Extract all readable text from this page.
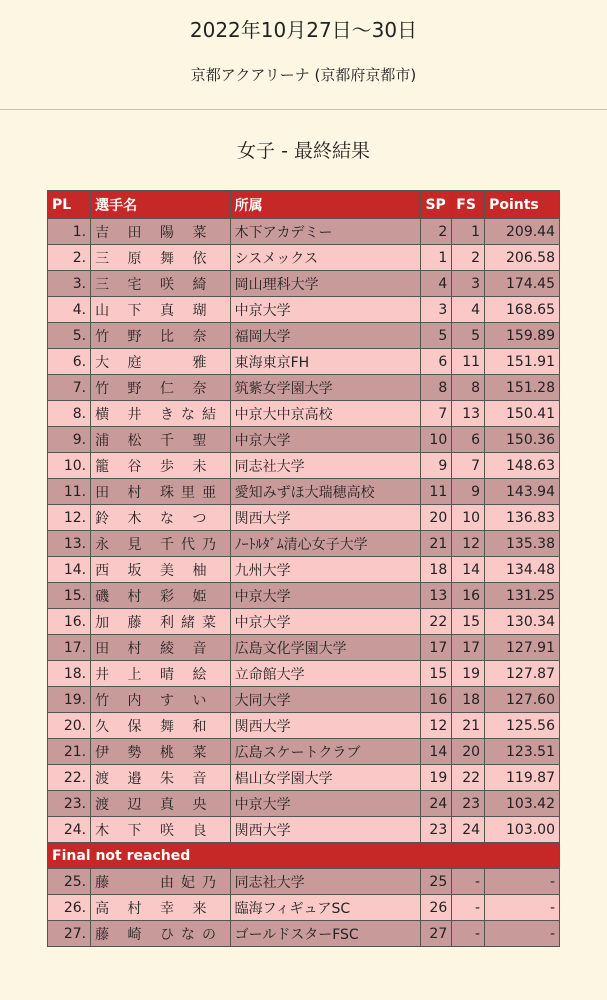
2022年10月27日〜30日
京都アクアリーナ (京都府京都市)
女子 - 最終結果
PL	選手名	所属	SP	FS	Points
1.	吉 田 陽 菜	木下アカデミー	2	1	209.44
2.	三 原 舞 依	シスメックス	1	2	206.58
3.	三 宅 咲 綺	岡山理科大学	4	3	174.45
4.	山 下 真 瑚	中京大学	3	4	168.65
5.	竹 野 比 奈	福岡大学	5	5	159.89
6.	大 庭 　 雅	東海東京FH	6	11	151.91
7.	竹 野 仁 奈	筑紫女学園大学	8	8	151.28
8.	横 井 きな結	中京大中京高校	7	13	150.41
9.	浦 松 千 聖	中京大学	10	6	150.36
10.	籠 谷 歩 未	同志社大学	9	7	148.63
11.	田 村 珠里亜	愛知みずほ大瑞穂高校	11	9	143.94
12.	鈴 木 な つ	関西大学	20	10	136.83
13.	永 見 千代乃	ﾉｰﾄﾙﾀﾞﾑ清心女子大学	21	12	135.38
14.	西 坂 美 柚	九州大学	18	14	134.48
15.	磯 村 彩 姫	中京大学	13	16	131.25
16.	加 藤 利緒菜	中京大学	22	15	130.34
17.	田 村 綾 音	広島文化学園大学	17	17	127.91
18.	井 上 晴 絵	立命館大学	15	19	127.87
19.	竹 内 す い	大同大学	16	18	127.60
20.	久 保 舞 和	関西大学	12	21	125.56
21.	伊 勢 桃 菜	広島スケートクラブ	14	20	123.51
22.	渡 邉 朱 音	椙山女学園大学	19	22	119.87
23.	渡 辺 真 央	中京大学	24	23	103.42
24.	木 下 咲 良	関西大学	23	24	103.00
Final not reached					
25.	藤 　 由妃乃	同志社大学	25	-	-
26.	高 村 幸 来	臨海フィギュアSC	26	-	-
27.	藤 崎 ひなの	ゴールドスターFSC	27	-	-
